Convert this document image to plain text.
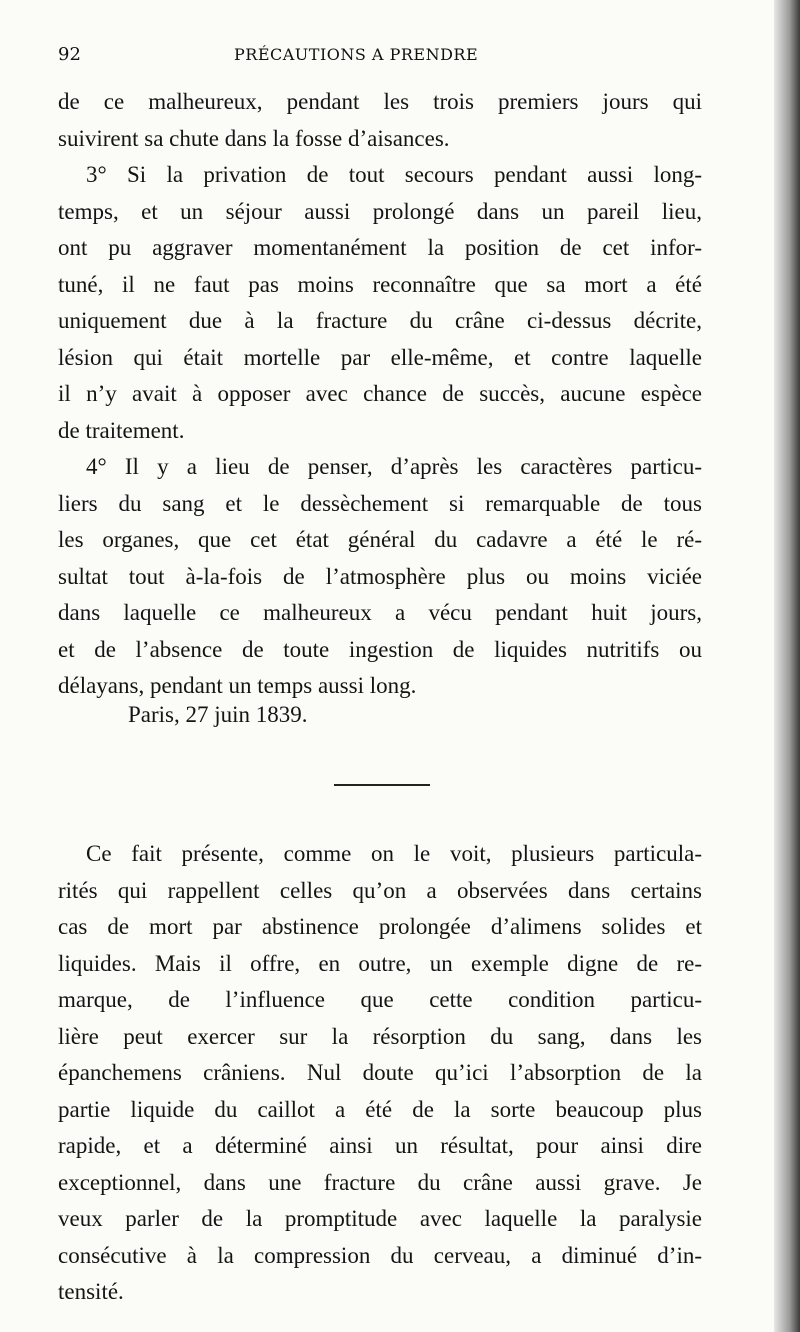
92	PRÉCAUTIONS A PRENDRE
de ce malheureux, pendant les trois premiers jours qui
suivirent sa chute dans la fosse d’aisances.
3° Si la privation de tout secours pendant aussi long-
temps, et un séjour aussi prolongé dans un pareil lieu,
ont pu aggraver momentanément la position de cet infor-
tuné, il ne faut pas moins reconnaître que sa mort a été
uniquement due à la fracture du crâne ci-dessus décrite,
lésion qui était mortelle par elle-même, et contre laquelle
il n’y avait à opposer avec chance de succès, aucune espèce
de traitement.
4° Il y a lieu de penser, d’après les caractères particu-
liers du sang et le dessèchement si remarquable de tous
les organes, que cet état général du cadavre a été le ré-
sultat tout à-la-fois de l’atmosphère plus ou moins viciée
dans laquelle ce malheureux a vécu pendant huit jours,
et de l’absence de toute ingestion de liquides nutritifs ou
délayans, pendant un temps aussi long.
Paris, 27 juin 1839.
Ce fait présente, comme on le voit, plusieurs particula-
rités qui rappellent celles qu’on a observées dans certains
cas de mort par abstinence prolongée d’alimens solides et
liquides. Mais il offre, en outre, un exemple digne de re-
marque, de l’influence que cette condition particu-
lière peut exercer sur la résorption du sang, dans les
épanchemens crâniens. Nul doute qu’ici l’absorption de la
partie liquide du caillot a été de la sorte beaucoup plus
rapide, et a déterminé ainsi un résultat, pour ainsi dire
exceptionnel, dans une fracture du crâne aussi grave. Je
veux parler de la promptitude avec laquelle la paralysie
consécutive à la compression du cerveau, a diminué d’in-
tensité.
